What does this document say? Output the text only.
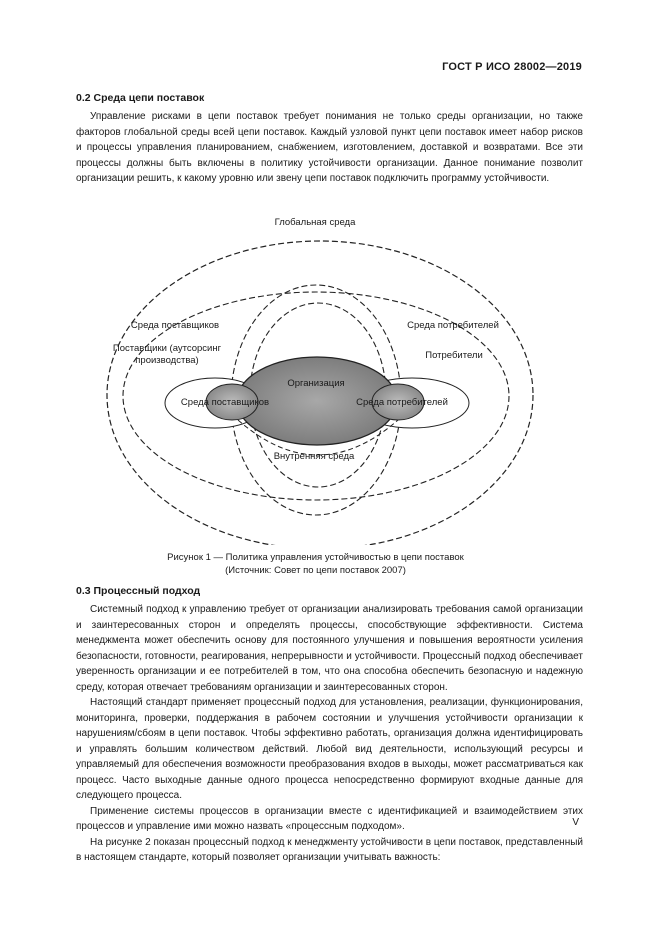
ГОСТ Р ИСО 28002—2019
0.2 Среда цепи поставок

Управление рисками в цепи поставок требует понимания не только среды организации, но также факторов глобальной среды всей цепи поставок. Каждый узловой пункт цепи поставок имеет набор рисков и процессы управления планированием, снабжением, изготовлением, доставкой и возвратами. Все эти процессы должны быть включены в политику устойчивости организации. Данное понимание позволит организации решить, к какому уровню или звену цепи поставок подключить программу устойчивости.

Глобальная среда
Среда поставщиков
Поставщики (аутсорсинг
производства)
Среда потребителей
Потребители
Организация
Среда поставщиков	Среда потребителей
Внутренняя среда
Рисунок 1 — Политика управления устойчивостью в цепи поставок
(Источник: Совет по цепи поставок 2007)
0.3 Процессный подход

Системный подход к управлению требует от организации анализировать требования самой организации и заинтересованных сторон и определять процессы, способствующие эффективности. Система менеджмента может обеспечить основу для постоянного улучшения и повышения вероятности усиления безопасности, готовности, реагирования, непрерывности и устойчивости. Процессный подход обеспечивает уверенность организации и ее потребителей в том, что она способна обеспечить безопасную и надежную среду, которая отвечает требованиям организации и заинтересованных сторон.

Настоящий стандарт применяет процессный подход для установления, реализации, функционирования, мониторинга, проверки, поддержания в рабочем состоянии и улучшения устойчивости организации к нарушениям/сбоям в цепи поставок. Чтобы эффективно работать, организация должна идентифицировать и управлять большим количеством действий. Любой вид деятельности, использующий ресурсы и управляемый для обеспечения возможности преобразования входов в выходы, может рассматриваться как процесс. Часто выходные данные одного процесса непосредственно формируют входные данные для следующего процесса.

Применение системы процессов в организации вместе с идентификацией и взаимодействием этих процессов и управление ими можно назвать «процессным подходом».

На рисунке 2 показан процессный подход к менеджменту устойчивости в цепи поставок, представленный в настоящем стандарте, который позволяет организации учитывать важность:

V
